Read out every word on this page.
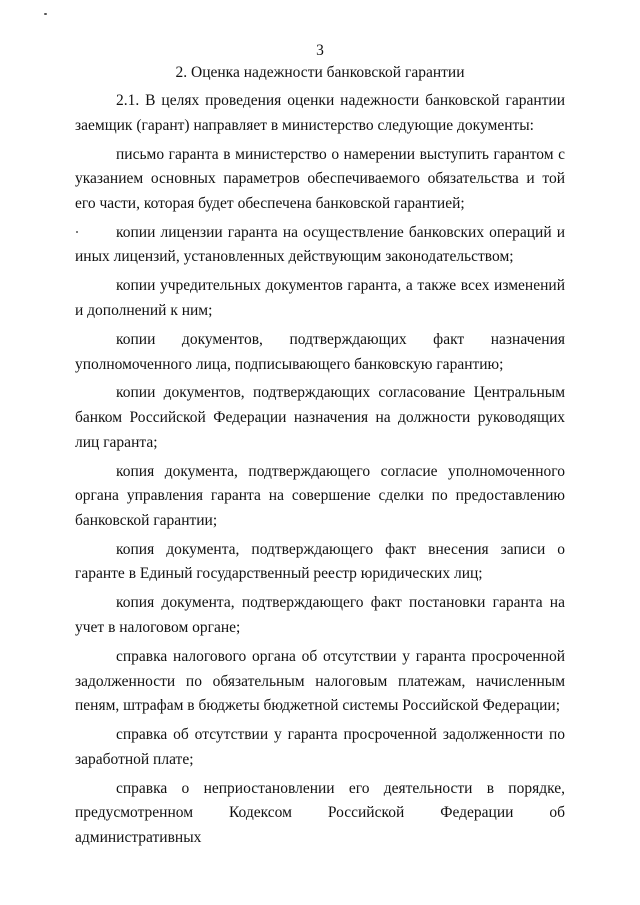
3
2. Оценка надежности банковской гарантии

2.1. В целях проведения оценки надежности банковской гарантии заемщик (гарант) направляет в министерство следующие документы:

письмо гаранта в министерство о намерении выступить гарантом с указанием основных параметров обеспечиваемого обязательства и той его части, которая будет обеспечена банковской гарантией;

копии лицензии гаранта на осуществление банковских операций и иных лицензий, установленных действующим законодательством;

копии учредительных документов гаранта, а также всех изменений и дополнений к ним;

копии документов, подтверждающих факт назначения уполномоченного лица, подписывающего банковскую гарантию;

копии документов, подтверждающих согласование Центральным банком Российской Федерации назначения на должности руководящих лиц гаранта;

копия документа, подтверждающего согласие уполномоченного органа управления гаранта на совершение сделки по предоставлению банковской гарантии;

копия документа, подтверждающего факт внесения записи о гаранте в Единый государственный реестр юридических лиц;

копия документа, подтверждающего факт постановки гаранта на учет в налоговом органе;

справка налогового органа об отсутствии у гаранта просроченной задолженности по обязательным налоговым платежам, начисленным пеням, штрафам в бюджеты бюджетной системы Российской Федерации;

справка об отсутствии у гаранта просроченной задолженности по заработной плате;

справка о неприостановлении его деятельности в порядке, предусмотренном Кодексом Российской Федерации об административных
